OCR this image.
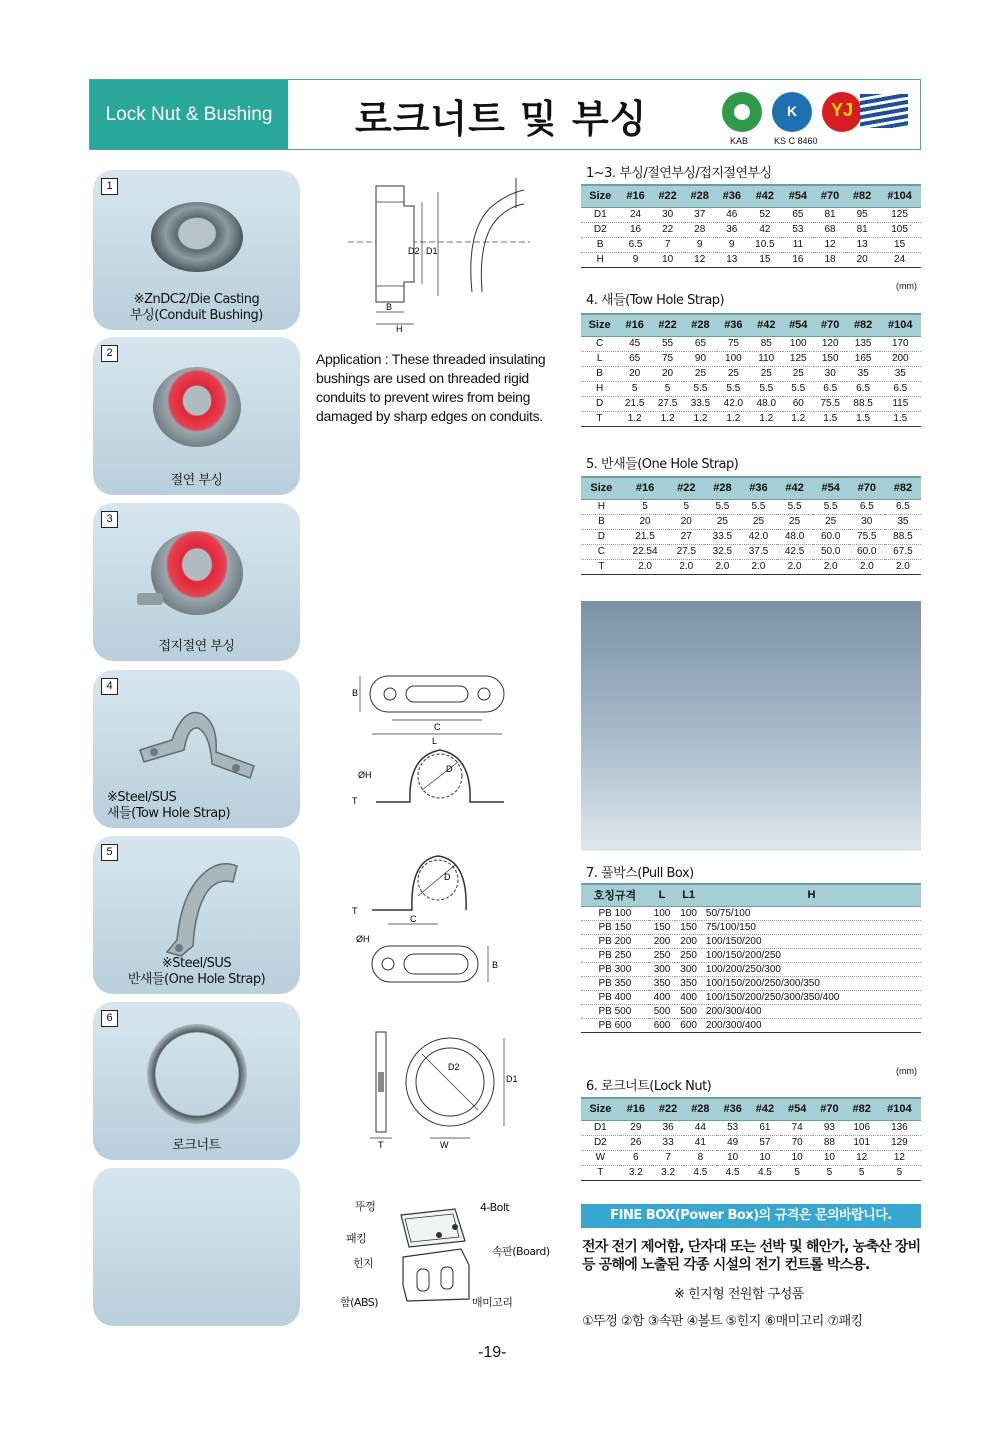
Lock Nut & Bushing	로크너트 및 부싱	K	YJ
KAB	KS C 8460
1
※ZnDC2/Die Casting
부싱(Conduit Bushing)
2
절연 부싱
3
접지절연 부싱
4
※Steel/SUS
새들(Tow Hole Strap)
5
※Steel/SUS
반새들(One Hole Strap)
6
로크너트
D2 D1
B
H
Application : These threaded insulating bushings are used on threaded rigid conduits to prevent wires from being damaged by sharp edges on conduits.
B
C
L
D
ØH
T
D
T
C
ØH
B
D2
D1
T	W
뚜껑	4-Bolt
패킹
속판(Board)
힌지
함(ABS)	매미고리
1~3. 부싱/절연부싱/접지절연부싱
(mm)
4. 새들(Tow Hole Strap)
5. 반새들(One Hole Strap)
7. 풀박스(Pull Box)
(mm)
6. 로크너트(Lock Nut)
Size	#16	#22	#28	#36	#42	#54	#70	#82	#104
D1	24	30	37	46	52	65	81	95	125
D2	16	22	28	36	42	53	68	81	105
B	6.5	7	9	9	10.5	11	12	13	15
H	9	10	12	13	15	16	18	20	24
Size	#16	#22	#28	#36	#42	#54	#70	#82	#104
C	45	55	65	75	85	100	120	135	170
L	65	75	90	100	110	125	150	165	200
B	20	20	25	25	25	25	30	35	35
H	5	5	5.5	5.5	5.5	5.5	6.5	6.5	6.5
D	21.5	27.5	33.5	42.0	48.0	60	75.5	88.5	115
T	1.2	1.2	1.2	1.2	1.2	1.2	1.5	1.5	1.5
Size	#16	#22	#28	#36	#42	#54	#70	#82
H	5	5	5.5	5.5	5.5	5.5	6.5	6.5
B	20	20	25	25	25	25	30	35
D	21.5	27	33.5	42.0	48.0	60.0	75.5	88.5
C	22.54	27.5	32.5	37.5	42.5	50.0	60.0	67.5
T	2.0	2.0	2.0	2.0	2.0	2.0	2.0	2.0
호칭규격	L	L1	H
PB 100	100	100	50/75/100
PB 150	150	150	75/100/150
PB 200	200	200	100/150/200
PB 250	250	250	100/150/200/250
PB 300	300	300	100/200/250/300
PB 350	350	350	100/150/200/250/300/350
PB 400	400	400	100/150/200/250/300/350/400
PB 500	500	500	200/300/400
PB 600	600	600	200/300/400
Size	#16	#22	#28	#36	#42	#54	#70	#82	#104
D1	29	36	44	53	61	74	93	106	136
D2	26	33	41	49	57	70	88	101	129
W	6	7	8	10	10	10	10	12	12
T	3.2	3.2	4.5	4.5	4.5	5	5	5	5
FINE BOX(Power Box)의 규격은 문의바랍니다.
전자 전기 제어함, 단자대 또는 선박 및 해안가, 농축산 장비 등 공해에 노출된 각종 시설의 전기 컨트롤 박스용.
※ 힌지형 전원함 구성품
①뚜껑 ②함 ③속판 ④볼트 ⑤힌지 ⑥매미고리 ⑦패킹
-19-
